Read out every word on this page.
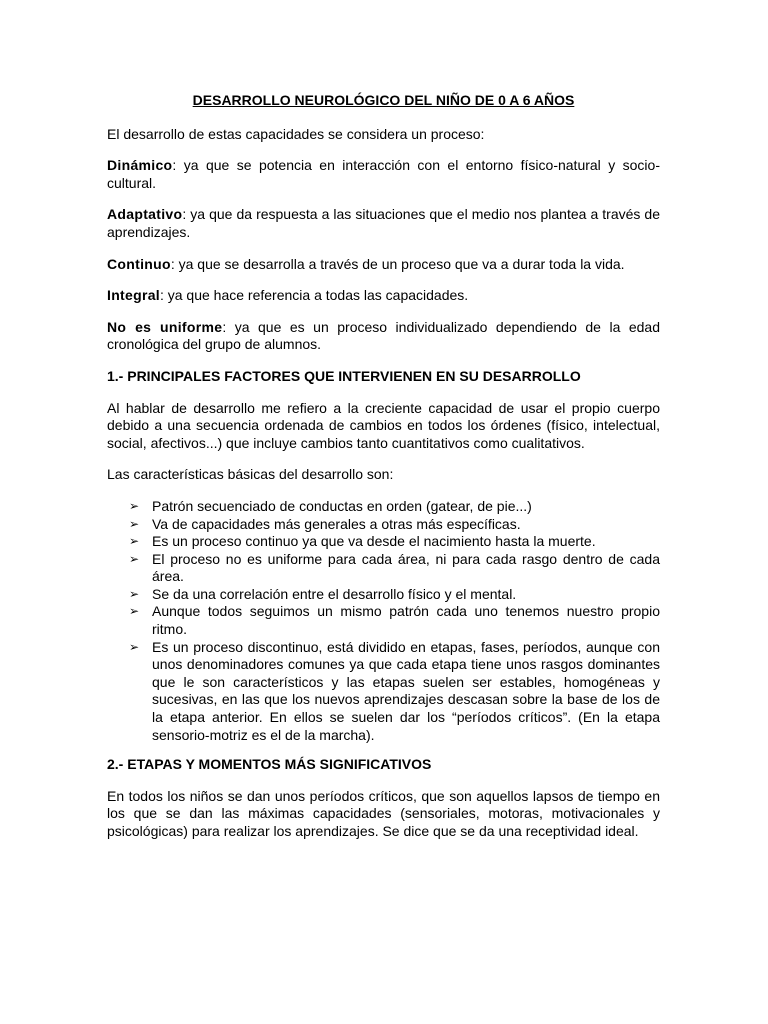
DESARROLLO NEUROLÓGICO DEL NIÑO DE 0 A 6 AÑOS

El desarrollo de estas capacidades se considera un proceso:

Dinámico: ya que se potencia en interacción con el entorno físico-natural y socio-cultural.

Adaptativo: ya que da respuesta a las situaciones que el medio nos plantea a través de aprendizajes.

Continuo: ya que se desarrolla a través de un proceso que va a durar toda la vida.

Integral: ya que hace referencia a todas las capacidades.

No es uniforme: ya que es un proceso individualizado dependiendo de la edad cronológica del grupo de alumnos.

1.- PRINCIPALES FACTORES QUE INTERVIENEN EN SU DESARROLLO

Al hablar de desarrollo me refiero a la creciente capacidad de usar el propio cuerpo debido a una secuencia ordenada de cambios en todos los órdenes (físico, intelectual, social, afectivos...) que incluye cambios tanto cuantitativos como cualitativos.

Las características básicas del desarrollo son:

➢ Patrón secuenciado de conductas en orden (gatear, de pie...)
➢ Va de capacidades más generales a otras más específicas.
➢ Es un proceso continuo ya que va desde el nacimiento hasta la muerte.
➢ El proceso no es uniforme para cada área, ni para cada rasgo dentro de cada área.
➢ Se da una correlación entre el desarrollo físico y el mental.
➢ Aunque todos seguimos un mismo patrón cada uno tenemos nuestro propio ritmo.
➢ Es un proceso discontinuo, está dividido en etapas, fases, períodos, aunque con unos denominadores comunes ya que cada etapa tiene unos rasgos dominantes que le son característicos y las etapas suelen ser estables, homogéneas y sucesivas, en las que los nuevos aprendizajes descasan sobre la base de los de la etapa anterior. En ellos se suelen dar los “períodos críticos”. (En la etapa sensorio-motriz es el de la marcha).
2.- ETAPAS Y MOMENTOS MÁS SIGNIFICATIVOS

En todos los niños se dan unos períodos críticos, que son aquellos lapsos de tiempo en los que se dan las máximas capacidades (sensoriales, motoras, motivacionales y psicológicas) para realizar los aprendizajes. Se dice que se da una receptividad ideal.
